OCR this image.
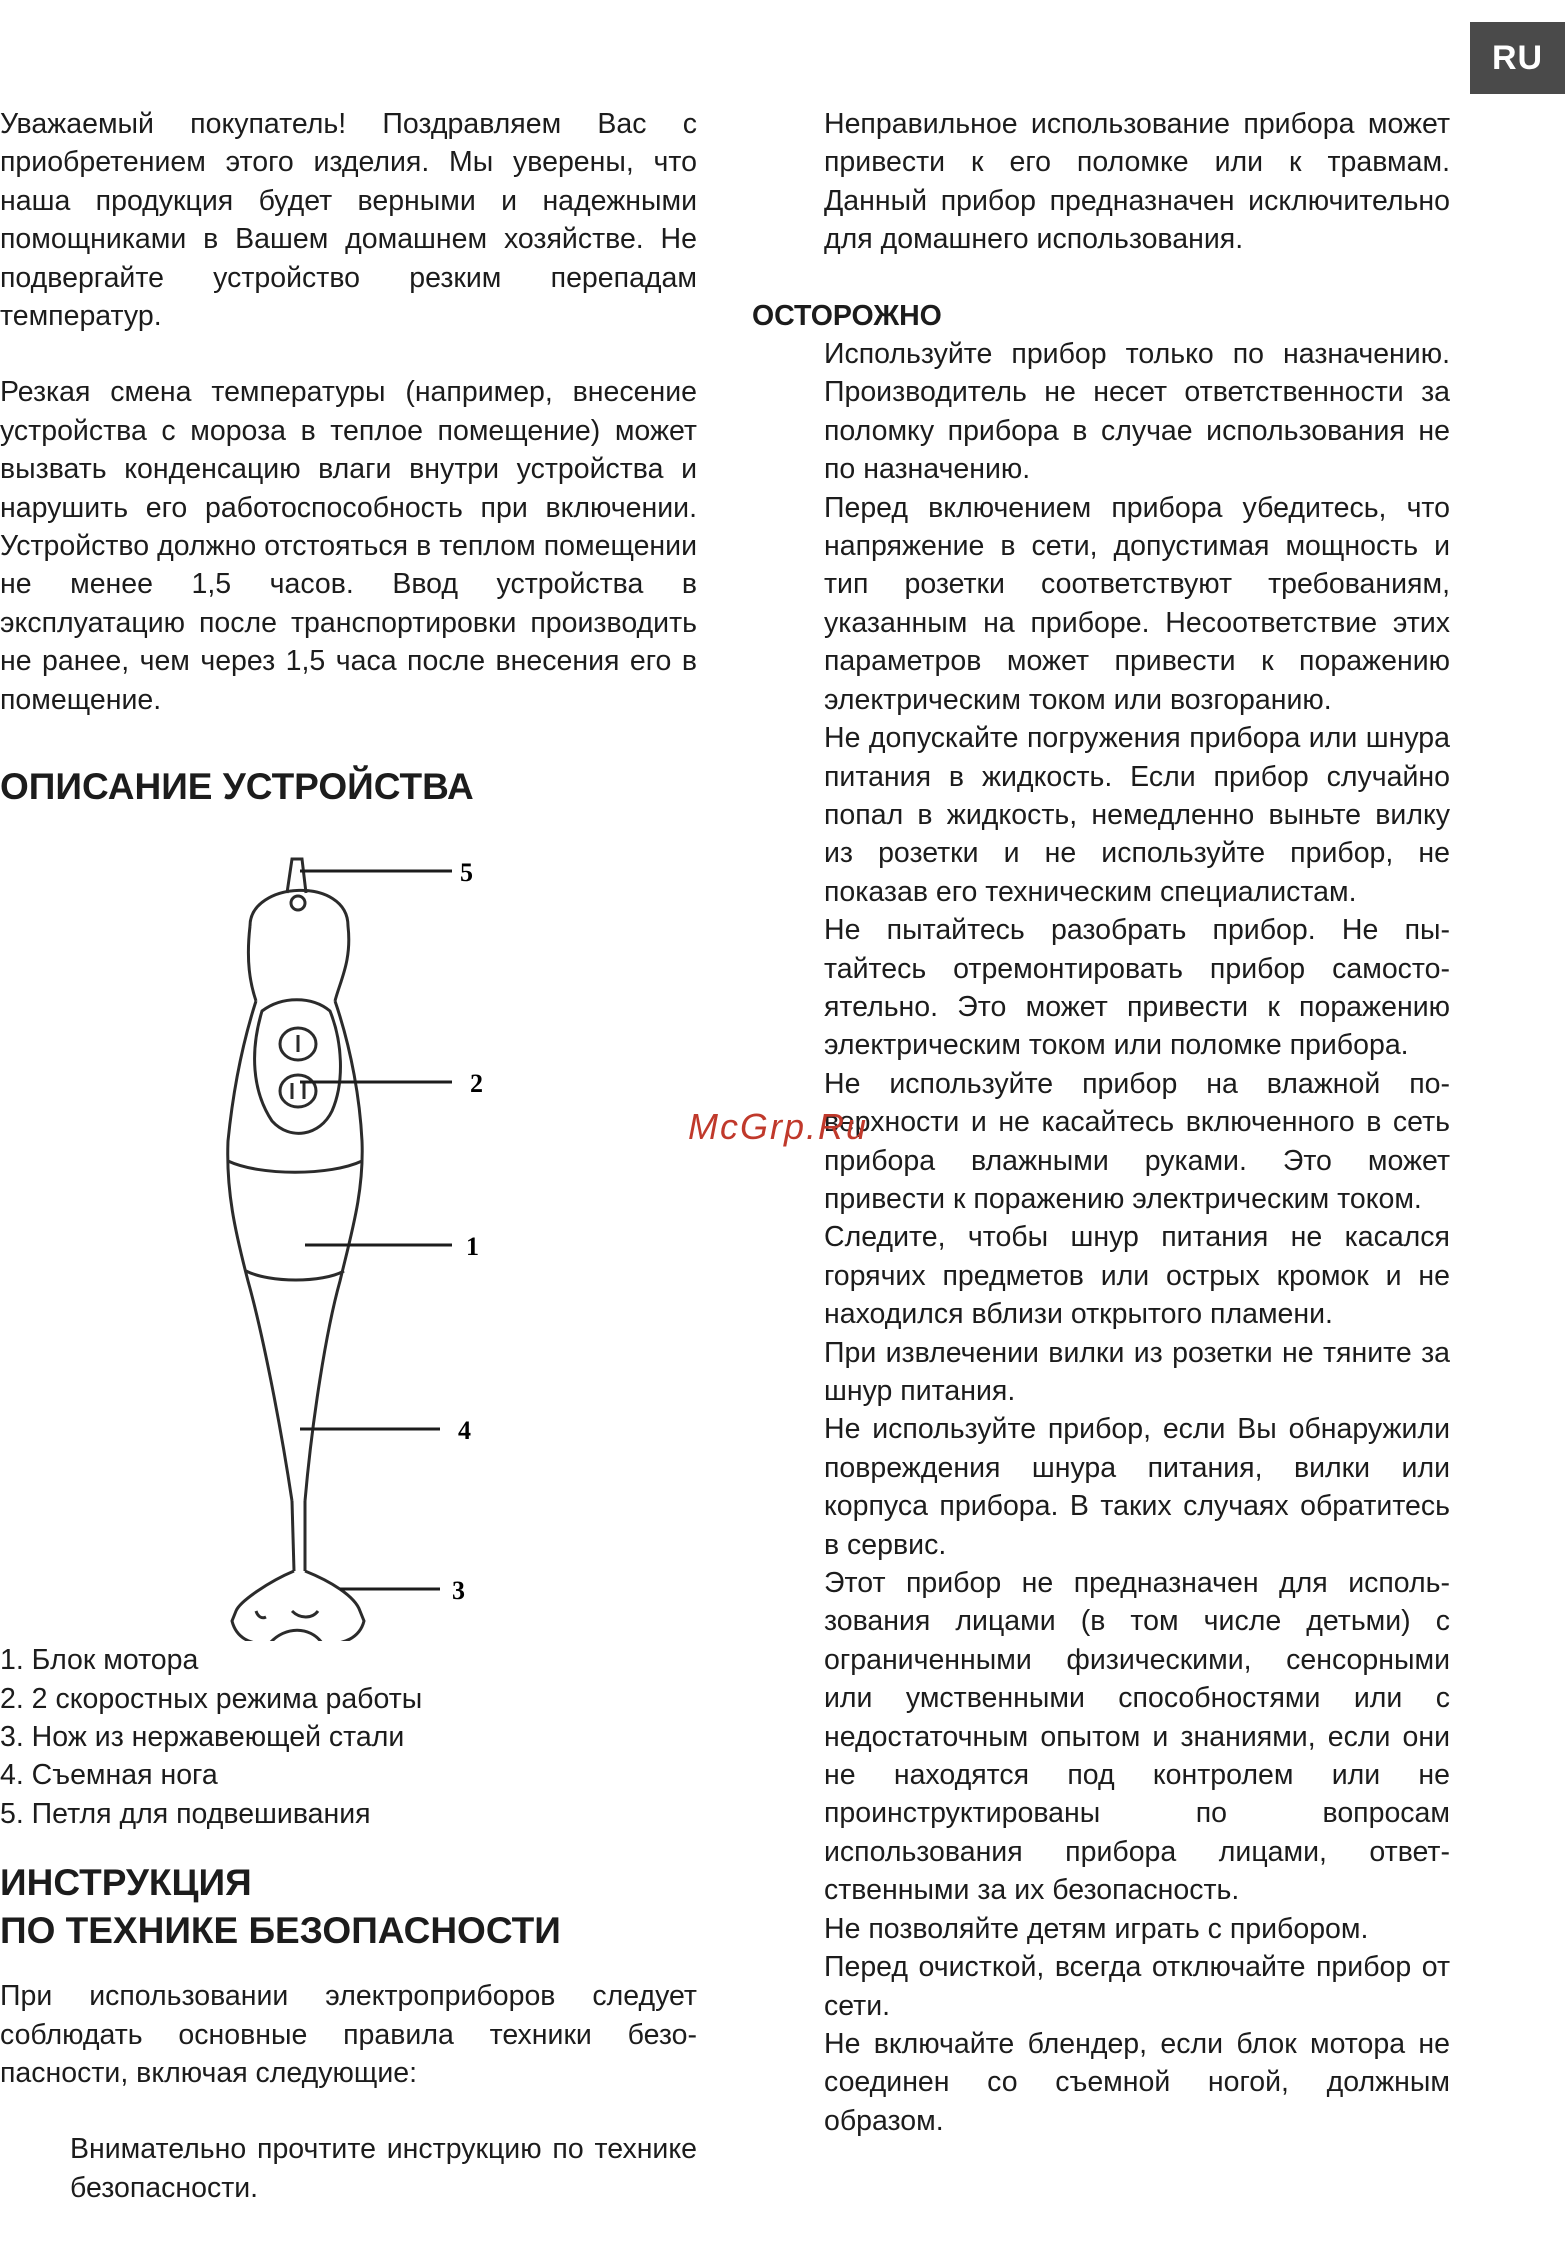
RU

Уважаемый покупатель! Поздравляем Вас с приобретением этого изделия. Мы уверены, что наша продукция будет верными и надежными помощниками в Вашем домашнем хозяйстве. Не подвергайте устройство резким перепадам температур.

Резкая смена температуры (например, внесение устройства с мороза в теплое помещение) может вызвать конденсацию влаги внутри устройства и нарушить его работоспособность при включении. Устройство должно отстояться в теплом помещении не менее 1,5 часов. Ввод устройства в эксплуатацию после транспортировки производить не ранее, чем через 1,5 часа после внесения его в помещение.

ОПИСАНИЕ УСТРОЙСТВА
5
2
1
4
3
1. Блок мотора
2. 2 скоростных режима работы
3. Нож из нержавеющей стали
4. Съемная нога
5. Петля для подвешивания
ИНСТРУКЦИЯ
ПО ТЕХНИКЕ БЕЗОПАСНОСТИ

При использовании электроприборов следует соблюдать основные правила техники безопасности, включая следующие:

Внимательно прочтите инструкцию по технике безопасности.

Неправильное использование прибора может привести к его поломке или к травмам. Данный прибор предназначен исключительно для домашнего использования.

ОСТОРОЖНО

Используйте прибор только по назначению. Производитель не несет ответственности за поломку прибора в случае использования не по назначению.

Перед включением прибора убедитесь, что напряжение в сети, допустимая мощность и тип розетки соответствуют требованиям, указанным на приборе. Несоответствие этих параметров может привести к поражению электрическим током или возгоранию.

Не допускайте погружения прибора или шнура питания в жидкость. Если прибор случайно попал в жидкость, немедленно выньте вилку из розетки и не используйте прибор, не показав его техническим специалистам.

Не пытайтесь разобрать прибор. Не пытайтесь отремонтировать прибор самостоятельно. Это может привести к поражению электрическим током или поломке прибора.

Не используйте прибор на влажной поверхности и не касайтесь включенного в сеть прибора влажными руками. Это может привести к поражению электрическим током.

Следите, чтобы шнур питания не касался горячих предметов или острых кромок и не находился вблизи открытого пламени.

При извлечении вилки из розетки не тяните за шнур питания.

Не используйте прибор, если Вы обнаружили повреждения шнура питания, вилки или корпуса прибора. В таких случаях обратитесь в сервис.

Этот прибор не предназначен для использования лицами (в том числе детьми) с ограниченными физическими, сенсорными или умственными способностями или с недостаточным опытом и знаниями, если они не находятся под контролем или не проинструктированы по вопросам использования прибора лицами, ответственными за их безопасность.

Не позволяйте детям играть с прибором.

Перед очисткой, всегда отключайте прибор от сети.

Не включайте блендер, если блок мотора не соединен со съемной ногой, должным образом.

McGrp.Ru
